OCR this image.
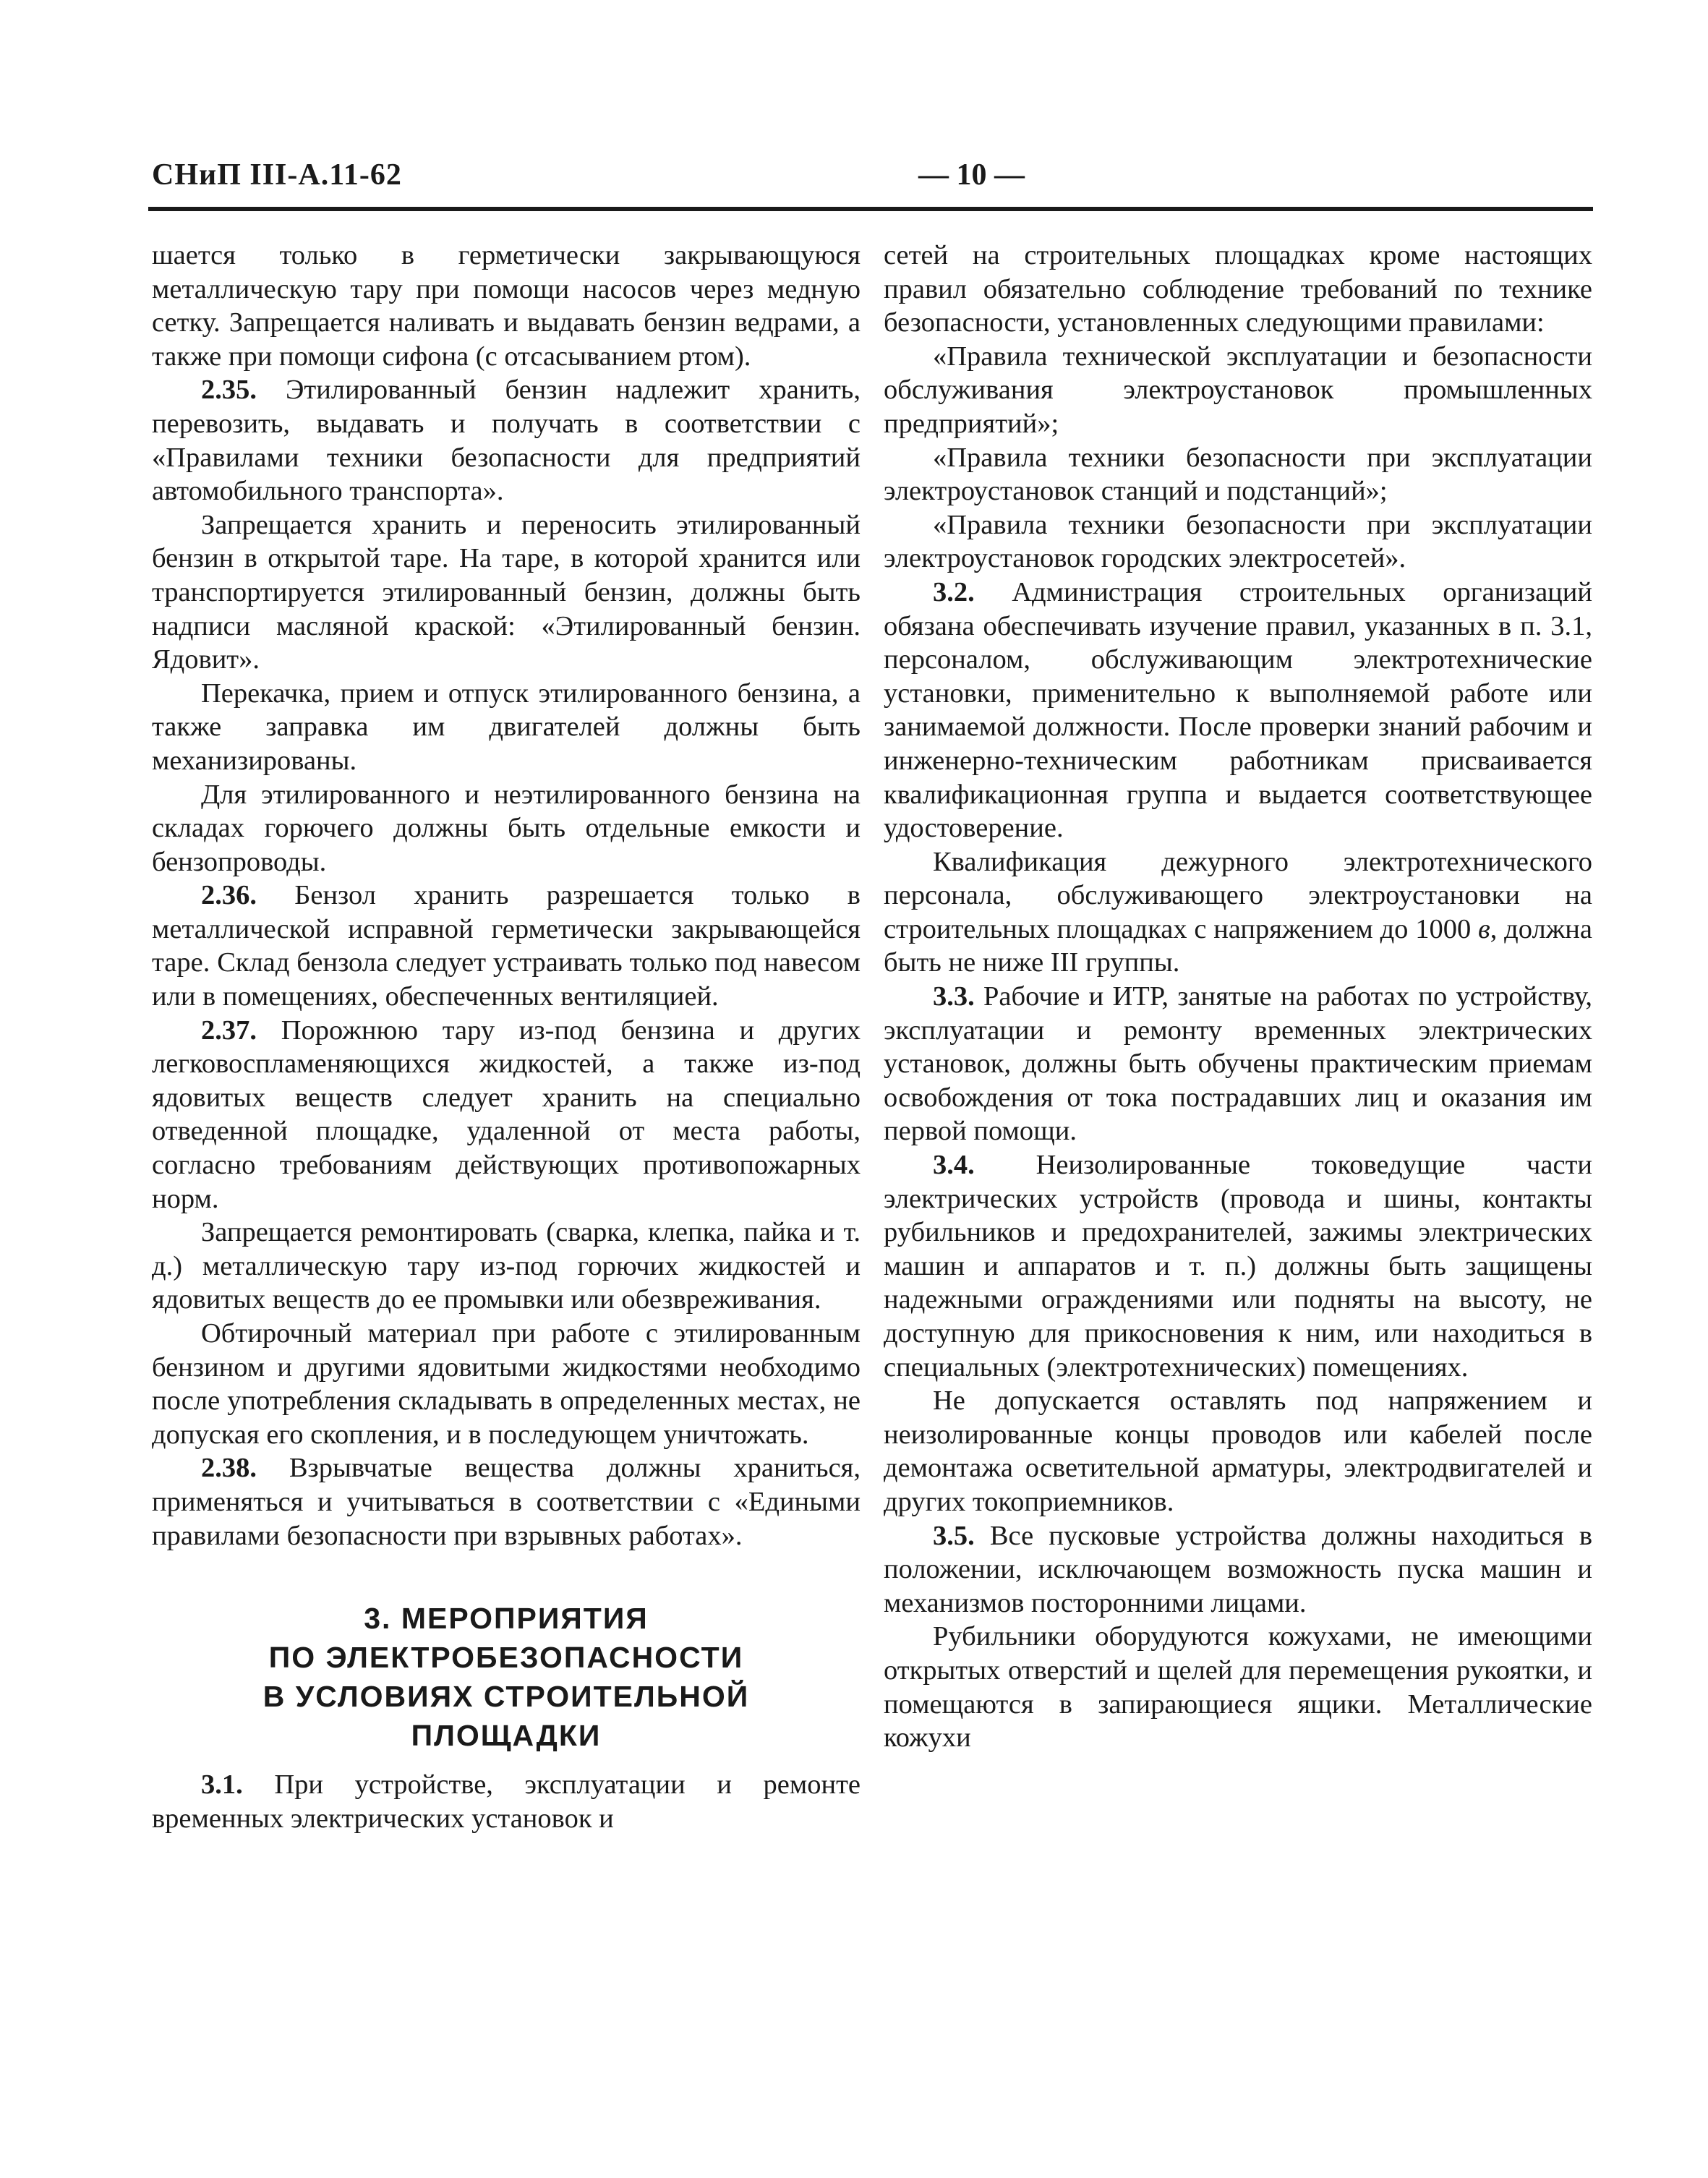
СНиП III-А.11-62	— 10 —

шается только в герметически закрывающуюся металлическую тару при помощи насосов через медную сетку. Запрещается наливать и выдавать бензин ведрами, а также при помощи сифона (с отсасыванием ртом).

2.35. Этилированный бензин надлежит хранить, перевозить, выдавать и получать в соответствии с «Правилами техники безопасности для предприятий автомобильного транспорта».

Запрещается хранить и переносить этилированный бензин в открытой таре. На таре, в которой хранится или транспортируется этилированный бензин, должны быть надписи масляной краской: «Этилированный бензин. Ядовит».

Перекачка, прием и отпуск этилированного бензина, а также заправка им двигателей должны быть механизированы.

Для этилированного и неэтилированного бензина на складах горючего должны быть отдельные емкости и бензопроводы.

2.36. Бензол хранить разрешается только в металлической исправной герметически закрывающейся таре. Склад бензола следует устраивать только под навесом или в помещениях, обеспеченных вентиляцией.

2.37. Порожнюю тару из-под бензина и других легковоспламеняющихся жидкостей, а также из-под ядовитых веществ следует хранить на специально отведенной площадке, удаленной от места работы, согласно требованиям действующих противопожарных норм.

Запрещается ремонтировать (сварка, клепка, пайка и т. д.) металлическую тару из-под горючих жидкостей и ядовитых веществ до ее промывки или обезвреживания.

Обтирочный материал при работе с этилированным бензином и другими ядовитыми жидкостями необходимо после употребления складывать в определенных местах, не допуская его скопления, и в последующем уничтожать.

2.38. Взрывчатые вещества должны храниться, применяться и учитываться в соответствии с «Едиными правилами безопасности при взрывных работах».

3. МЕРОПРИЯТИЯ
ПО ЭЛЕКТРОБЕЗОПАСНОСТИ
В УСЛОВИЯХ СТРОИТЕЛЬНОЙ
ПЛОЩАДКИ

3.1. При устройстве, эксплуатации и ремонте временных электрических установок и

сетей на строительных площадках кроме настоящих правил обязательно соблюдение требований по технике безопасности, установленных следующими правилами:

«Правила технической эксплуатации и безопасности обслуживания электроустановок промышленных предприятий»;

«Правила техники безопасности при эксплуатации электроустановок станций и подстанций»;

«Правила техники безопасности при эксплуатации электроустановок городских электросетей».

3.2. Администрация строительных организаций обязана обеспечивать изучение правил, указанных в п. 3.1, персоналом, обслуживающим электротехнические установки, применительно к выполняемой работе или занимаемой должности. После проверки знаний рабочим и инженерно-техническим работникам присваивается квалификационная группа и выдается соответствующее удостоверение.

Квалификация дежурного электротехнического персонала, обслуживающего электроустановки на строительных площадках с напряжением до 1000 в, должна быть не ниже III группы.

3.3. Рабочие и ИТР, занятые на работах по устройству, эксплуатации и ремонту временных электрических установок, должны быть обучены практическим приемам освобождения от тока пострадавших лиц и оказания им первой помощи.

3.4. Неизолированные токоведущие части электрических устройств (провода и шины, контакты рубильников и предохранителей, зажимы электрических машин и аппаратов и т. п.) должны быть защищены надежными ограждениями или подняты на высоту, не доступную для прикосновения к ним, или находиться в специальных (электротехнических) помещениях.

Не допускается оставлять под напряжением и неизолированные концы проводов или кабелей после демонтажа осветительной арматуры, электродвигателей и других токоприемников.

3.5. Все пусковые устройства должны находиться в положении, исключающем возможность пуска машин и механизмов посторонними лицами.

Рубильники оборудуются кожухами, не имеющими открытых отверстий и щелей для перемещения рукоятки, и помещаются в запирающиеся ящики. Металлические кожухи
